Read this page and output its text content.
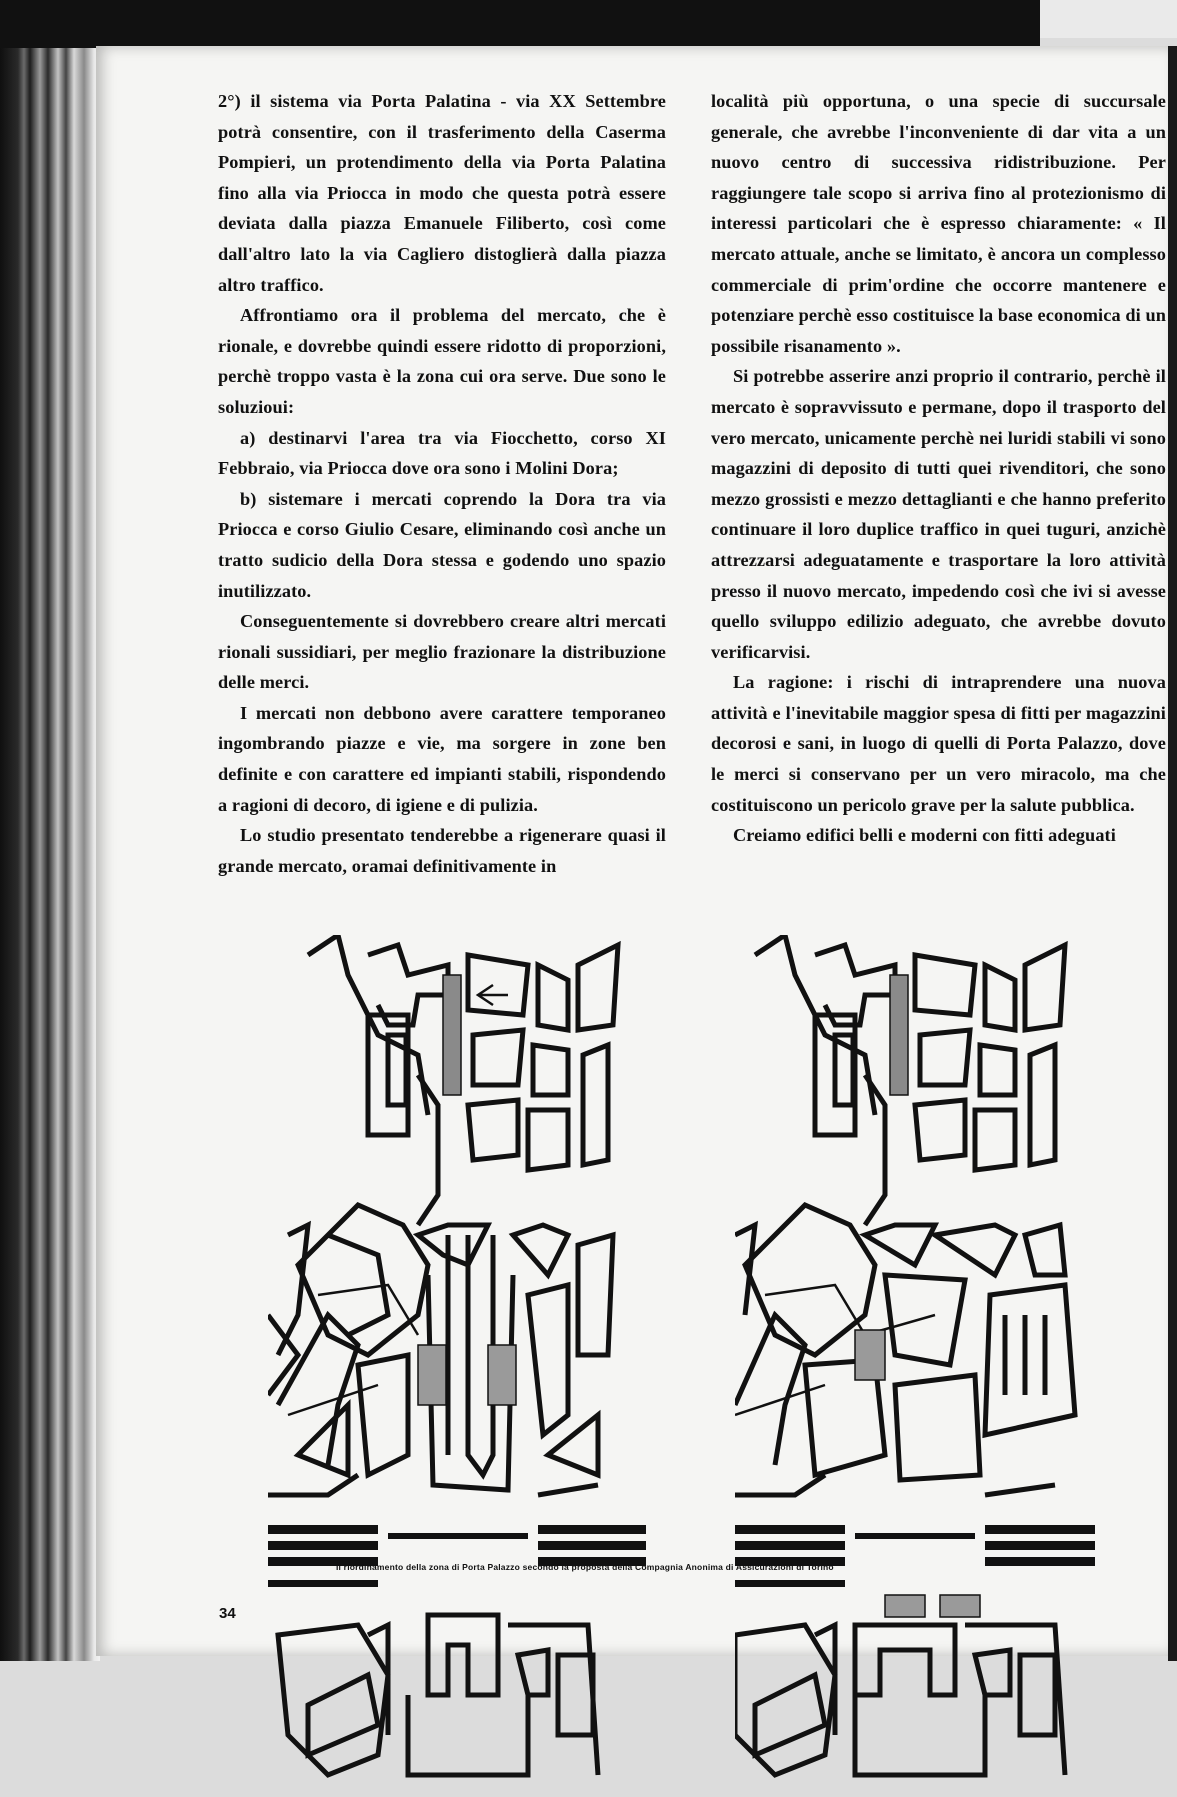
2°) il sistema via Porta Palatina - via XX Settembre potrà consentire, con il trasferimento della Caserma Pompieri, un protendimento della via Porta Palatina fino alla via Priocca in modo che questa potrà essere deviata dalla piazza Emanuele Filiberto, così come dall'altro lato la via Cagliero distoglierà dalla piazza altro traffico.

Affrontiamo ora il problema del mercato, che è rionale, e dovrebbe quindi essere ridotto di proporzioni, perchè troppo vasta è la zona cui ora serve. Due sono le soluzioui:

a) destinarvi l'area tra via Fiocchetto, corso XI Febbraio, via Priocca dove ora sono i Molini Dora;

b) sistemare i mercati coprendo la Dora tra via Priocca e corso Giulio Cesare, eliminando così anche un tratto sudicio della Dora stessa e godendo uno spazio inutilizzato.

Conseguentemente si dovrebbero creare altri mercati rionali sussidiari, per meglio frazionare la distribuzione delle merci.

I mercati non debbono avere carattere temporaneo ingombrando piazze e vie, ma sorgere in zone ben definite e con carattere ed impianti stabili, rispondendo a ragioni di decoro, di igiene e di pulizia.

Lo studio presentato tenderebbe a rigenerare quasi il grande mercato, oramai definitivamente in

località più opportuna, o una specie di succursale generale, che avrebbe l'inconveniente di dar vita a un nuovo centro di successiva ridistribuzione. Per raggiungere tale scopo si arriva fino al protezionismo di interessi particolari che è espresso chiaramente: « Il mercato attuale, anche se limitato, è ancora un complesso commerciale di prim'ordine che occorre mantenere e potenziare perchè esso costituisce la base economica di un possibile risanamento ».

Si potrebbe asserire anzi proprio il contrario, perchè il mercato è sopravvissuto e permane, dopo il trasporto del vero mercato, unicamente perchè nei luridi stabili vi sono magazzini di deposito di tutti quei rivenditori, che sono mezzo grossisti e mezzo dettaglianti e che hanno preferito continuare il loro duplice traffico in quei tuguri, anzichè attrezzarsi adeguatamente e trasportare la loro attività presso il nuovo mercato, impedendo così che ivi si avesse quello sviluppo edilizio adeguato, che avrebbe dovuto verificarvisi.

La ragione: i rischi di intraprendere una nuova attività e l'inevitabile maggior spesa di fitti per magazzini decorosi e sani, in luogo di quelli di Porta Palazzo, dove le merci si conservano per un vero miracolo, ma che costituiscono un pericolo grave per la salute pubblica.

Creiamo edifici belli e moderni con fitti adeguati

Il riordinamento della zona di Porta Palazzo secondo la proposta della Compagnia Anonima di Assicurazioni di Torino
34
